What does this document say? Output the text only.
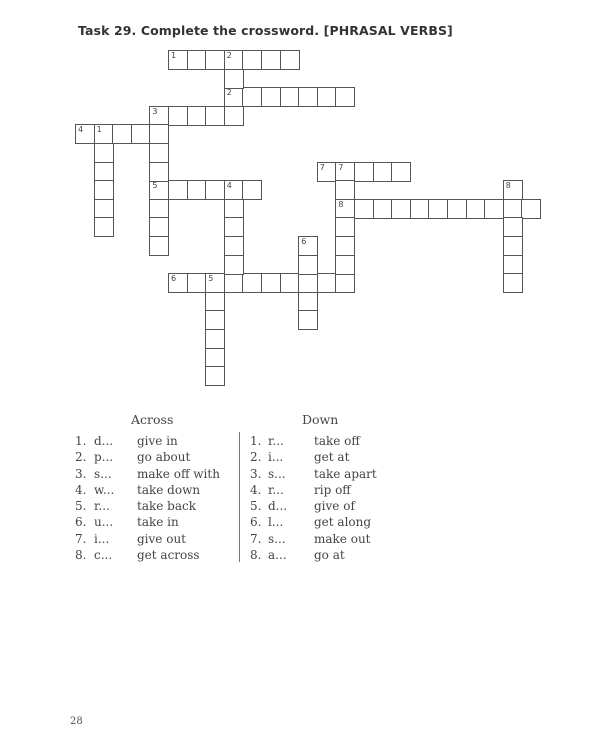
Task 29. Complete the crossword. [PHRASAL VERBS]
1	2
2
3
4 1
5	4
6	5
7 7
8
6
8
Across	Down
1. d... give in
2. p... go about
3. s... make off with
4. w... take down
5. r... take back
6. u... take in
7. i... give out
8. c... get across
1. r...	take off
2. i...	get at
3. s... take apart
4. r...	rip off
5. d... give of
6. l...	get along
7. s... make out
8. a... go at
28
